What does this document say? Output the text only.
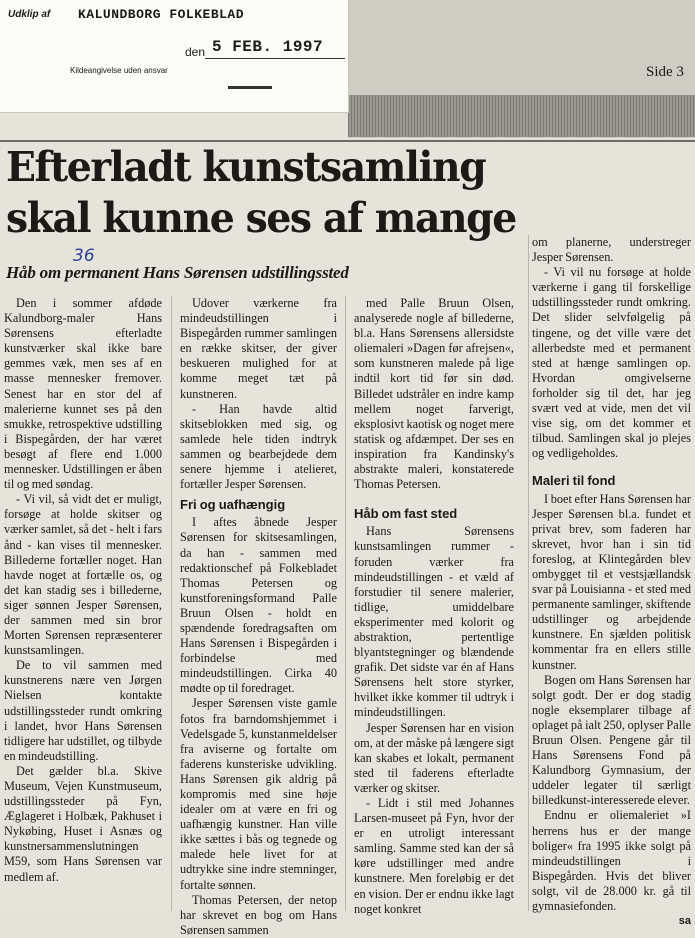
Side 3
Udklip af KALUNDBORG FOLKEBLAD
den 5 FEB. 1997
Kildeangivelse uden ansvar
Efterladt kunstsamling
skal kunne ses af mange
36
Håb om permanent Hans Sørensen udstillingssted

Den i sommer afdøde Kalundborg-maler Hans Sørensens efterladte kunstværker skal ikke bare gemmes væk, men ses af en masse mennesker fremover. Senest har en stor del af malerierne kunnet ses på den smukke, retrospektive udstilling i Bispegården, der har været besøgt af flere end 1.000 mennesker. Udstillingen er åben til og med søndag.

- Vi vil, så vidt det er muligt, forsøge at holde skitser og værker samlet, så det - helt i fars ånd - kan vises til mennesker. Billederne fortæller noget. Han havde noget at fortælle os, og det kan stadig ses i billederne, siger sønnen Jesper Sørensen, der sammen med sin bror Morten Sørensen repræsenterer kunstsamlingen.

De to vil sammen med kunstnerens nære ven Jørgen Nielsen kontakte udstillingssteder rundt omkring i landet, hvor Hans Sørensen tidligere har udstillet, og tilbyde en mindeudstilling.

Det gælder bl.a. Skive Museum, Vejen Kunstmuseum, udstillingssteder på Fyn, Æglageret i Holbæk, Pakhuset i Nykøbing, Huset i Asnæs og kunstnersammenslutningen M59, som Hans Sørensen var medlem af.

Udover værkerne fra mindeudstillingen i Bispegården rummer samlingen en række skitser, der giver beskueren mulighed for at komme meget tæt på kunstneren.

- Han havde altid skitseblokken med sig, og samlede hele tiden indtryk sammen og bearbejdede dem senere hjemme i atelieret, fortæller Jesper Sørensen.

Fri og uafhængig

I aftes åbnede Jesper Sørensen for skitsesamlingen, da han - sammen med redaktionschef på Folkebladet Thomas Petersen og kunstforeningsformand Palle Bruun Olsen - holdt en spændende foredragsaften om Hans Sørensen i Bispegården i forbindelse med mindeudstillingen. Cirka 40 mødte op til foredraget.

Jesper Sørensen viste gamle fotos fra barndomshjemmet i Vedelsgade 5, kunstanmeldelser fra aviserne og fortalte om faderens kunsteriske udvikling. Hans Sørensen gik aldrig på kompromis med sine høje idealer om at være en fri og uafhængig kunstner. Han ville ikke sættes i bås og tegnede og malede hele livet for at udtrykke sine indre stemninger, fortalte sønnen.

Thomas Petersen, der netop har skrevet en bog om Hans Sørensen sammen

med Palle Bruun Olsen, analyserede nogle af billederne, bl.a. Hans Sørensens allersidste oliemaleri »Dagen før afrejsen«, som kunstneren malede på lige indtil kort tid før sin død. Billedet udstråler en indre kamp mellem noget farverigt, eksplosivt kaotisk og noget mere statisk og afdæmpet. Der ses en inspiration fra Kandinsky's abstrakte maleri, konstaterede Thomas Petersen.

Håb om fast sted

Hans Sørensens kunstsamlingen rummer - foruden værker fra mindeudstillingen - et væld af forstudier til senere malerier, tidlige, umiddelbare eksperimenter med kolorit og abstraktion, pertentlige blyantstegninger og blændende grafik. Det sidste var én af Hans Sørensens helt store styrker, hvilket ikke kommer til udtryk i mindeudstillingen.

Jesper Sørensen har en vision om, at der måske på længere sigt kan skabes et lokalt, permanent sted til faderens efterladte værker og skitser.

- Lidt i stil med Johannes Larsen-museet på Fyn, hvor der er en utroligt interessant samling. Samme sted kan der så køre udstillinger med andre kunstnere. Men foreløbig er det en vision. Der er endnu ikke lagt noget konkret

om planerne, understreger Jesper Sørensen.

- Vi vil nu forsøge at holde værkerne i gang til forskellige udstillingssteder rundt omkring. Det slider selvfølgelig på tingene, og det ville være det allerbedste med et permanent sted at hænge samlingen op. Hvordan omgivelserne forholder sig til det, har jeg svært ved at vide, men det vil vise sig, om det kommer et tilbud. Samlingen skal jo plejes og vedligeholdes.

Maleri til fond

I boet efter Hans Sørensen har Jesper Sørensen bl.a. fundet et privat brev, som faderen har skrevet, hvor han i sin tid foreslog, at Klintegården blev ombygget til et vestsjællandsk svar på Louisianna - et sted med permanente samlinger, skiftende udstillinger og arbejdende kunstnere. En sjælden politisk kommentar fra en ellers stille kunstner.

Bogen om Hans Sørensen har solgt godt. Der er dog stadig nogle eksemplarer tilbage af oplaget på ialt 250, oplyser Palle Bruun Olsen. Pengene går til Hans Sørensens Fond på Kalundborg Gymnasium, der uddeler legater til særligt billedkunst-interesserede elever.

Endnu er oliemaleriet »I herrens hus er der mange boliger« fra 1995 ikke solgt på mindeudstillingen i Bispegården. Hvis det bliver solgt, vil de 28.000 kr. gå til gymnasiefonden.

sa
